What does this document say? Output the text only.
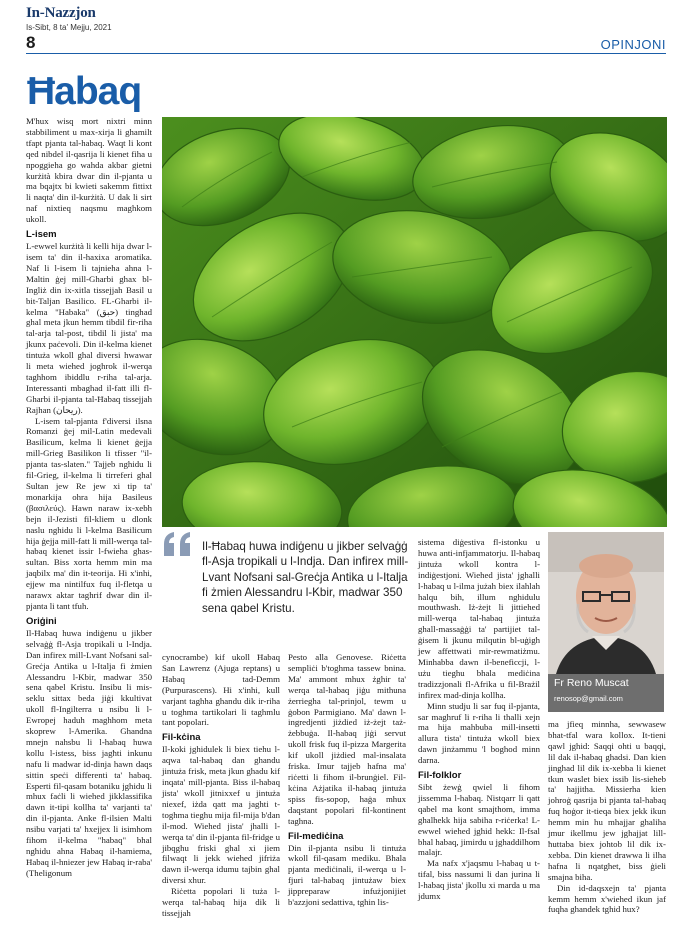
In-Nazzjon
Is-Sibt, 8 ta' Mejju, 2021
8	OPINJONI
Ħabaq

M'hux wisq mort nixtri minn stabbiliment u max-xirja li ghamilt tfapt pjanta tal-habaq. Waqt li kont qed nibdel il-qasrija li kienet fiha u npoggieha go wahda akbar gietni kurżità kbira dwar din il-pjanta u ma bqajtx bi kwieti sakemm fittixt li naqta' din il-kurżità. U dak li sirt naf nixtieq naqsmu maghkom ukoll.

L-isem

L-ewwel kurżità li kelli hija dwar l-isem ta' din il-haxixa aromatika. Naf li l-isem li tajnieha ahna l-Maltin ġej mill-Gharbi ghax bl-Ingliż din ix-xitla tissejjah Basil u bit-Taljan Basilico. FL-Gharbi il-kelma "Habaka" (حبق) tinghad ghal meta jkun hemm tibdil fir-riha tal-arja tal-post, tibdil li jista' ma jkunx paċevoli. Din il-kelma kienet tintuża wkoll ghal diversi hwawar li meta wiehed joghrok il-werqa taghhom ibiddlu r-riha tal-arja. Interessanti mbaghad il-fatt illi fl-Gharbi il-pjanta tal-Ħabaq tissejjah Rajhan (ريحان).

L-isem tal-pjanta f'diversi ilsna Romanzi ġej mil-Latin medevali Basilicum, kelma li kienet ġejja mill-Grieg Basilikon li tfisser "il-pjanta tas-slaten." Tajjeb nghidu li fil-Grieg, il-kelma li tirreferi ghal Sultan jew Re jew xi tip ta' monarkija ohra hija Basileus (βασιλεύς). Hawn naraw ix-xebh bejn il-Jezisti fil-kliem u dlonk naslu nghidu li l-kelma Basilicum hija ġejja mill-fatt li mill-werqa tal-habaq kienet issir l-fwieha ghas-sultan. Biss xorta hemm min ma jaqbilx ma' din it-teorija. Hi x'inhi, ejjew ma nintilfux fuq il-fletqa u narawx aktar taghrif dwar din il-pjanta li tant tfuh.

Oriġini

Il-Ħabaq huwa indiġenu u jikber selvaġġ fl-Asja tropikali u l-Indja. Dan infirex mill-Lvant Nofsani sal-Greċja Antika u l-Italja fi żmien Alessandru l-Kbir, madwar 350 sena qabel Kristu. Insibu li mis-seklu sittax beda jiġi kkultivat ukoll fl-Ingilterra u nsibu li l-Ewropej haduh maghhom meta skoprew l-Amerika. Ghandna mnejn nahsbu li l-habaq huwa kollu l-istess, biss jagħti inkunu nafu li madwar id-dinja hawn daqs sittin speċi differenti ta' habaq. Esperti fil-qasam botaniku jghidu li mhux faċli li wiehed jikklassifika dawn it-tipi kollha ta' varjanti ta' din il-pjanta. Anke fl-ilsien Malti nsibu varjati ta' hxejjex li isimhom fihom il-kelma "habaq" bhal nghidu ahna Ħabaq il-hamiema, Ħabaq il-hniezer jew Ħabaq ir-raba' (Theligonum

Il-Ħabaq huwa indiġenu u jikber selvaġġ fl-Asja tropikali u l-Indja. Dan infirex mill-Lvant Nofsani sal-Greċja Antika u l-Italja fi żmien Alessandru l-Kbir, madwar 350 sena qabel Kristu.

cynocrambe) kif ukoll Ħabaq San Lawrenz (Ajuga reptans) u Ħabaq tad-Demm (Purpurascens). Hi x'inhi, kull varjant taghha ghandu dik ir-riha u toghma tartikolari li taghmlu tant popolari.

Fil-kċina

Il-koki jghidulek li biex tiehu l-aqwa tal-habaq dan ghandu jintuża frisk, meta jkun ghadu kif inqata' mill-pjanta. Biss il-habaq jista' wkoll jitnixxef u jintuża niexef, iżda qatt ma jaghti t-toghma tieghu mija fil-mija b'dan il-mod. Wiehed jista' jhalli l-werqa ta' din il-pjanta fil-fridge u jibqghu friski ghal xi jiem filwaqt li jekk wiehed jifriża dawn il-werqa idumu tajbin ghal diversi xhur.

Riċetta popolari li tuża l-werqa tal-habaq hija dik li tissejjah

Pesto alla Genovese. Riċetta sempliċi b'toghma tassew bnina. Ma' ammont mhux żghir ta' werqa tal-habaq jiġu mithuna żerriegha tal-prinjol, tewm u ġobon Parmigiano. Ma' dawn l-ingredjenti jiżdied iż-żejt taż-żebbuġa. Il-habaq jiġi servut ukoll frisk fuq il-pizza Margerita kif ukoll jiżdied mal-insalata friska. Imur tajjeb hafna ma' riċetti li fihom il-brunġiel. Fil-kċina Ażjatika il-habaq jintuża spiss fis-sopop, haġa mhux daqstant popolari fil-kontinent taghna.

Fil-mediċina

Din il-pjanta nsibu li tintuża wkoll fil-qasam mediku. Bhala pjanta mediċinali, il-werqa u l-fjuri tal-habaq jintużaw biex jippreparaw infużjonijiet b'azzjoni sedattiva, tghin lis-

sistema diġestiva fl-istonku u huwa anti-infjammatorju. Il-habaq jintuża wkoll kontra l-indiġestjoni. Wiehed jista' jghalli l-habaq u l-ilma jużah biex ilahlah halqu bih, illum nghidulu mouthwash. Iż-żejt li jittiehed mill-werqa tal-habaq jintuża ghall-massaġġi ta' partijiet tal-ġisem li jkunu milqutin bl-uġigh jew affettwati mir-rewmatiżmu. Minhabba dawn il-beneficcji, l-użu tieghu bhala mediċina tradizzjonali fl-Afrika u fil-Brażil infirex mad-dinja kollha.

Minn studju li sar fuq il-pjanta, sar maghruf li r-riha li thalli xejn ma hija mahbuba mill-insetti allura tista' tintuża wkoll biex dawn jinżammu 'l boghod minn darna.

Fil-folklor

Sibt żewġ qwiel li fihom jissemma l-habaq. Nistqarr li qatt qabel ma kont smajthom, imma ghalhekk hija sabiha r-riċerka! L-ewwel wiehed jghid hekk: Il-fsal bhal habaq, jimirdu u jghaddilhom malajr.

Ma nafx x'jaqsmu l-habaq u t-tifal, biss nassumi li dan jurina li l-habaq jista' jkollu xi marda u ma jdumx

ma jfieq minnha, sewwasew bhat-tfal wara kollox. It-tieni qawl jghid: Saqqi ohti u baqqi, lil dak il-habaq ghadsi. Dan kien jinghad lil dik ix-xebba li kienet tkun waslet biex issib lis-sieheb ta' hajjitha. Missierha kien johroġ qasrija bi pjanta tal-habaq fuq hoġor it-tieqa biex jekk ikun hemm min hu mhajjar ghaliha jmur ikellmu jew jghajjat lill-ħuttaba biex johtob lil dik ix-xebba. Din kienet drawwa li ilha hafna li nqatghet, biss ġieli smajna biha.

Din id-daqsxejn ta' pjanta kemm hemm x'wiehed ikun jaf fuqha ghandek tghid hux?

Fr Reno Muscat
renosop@gmail.com
